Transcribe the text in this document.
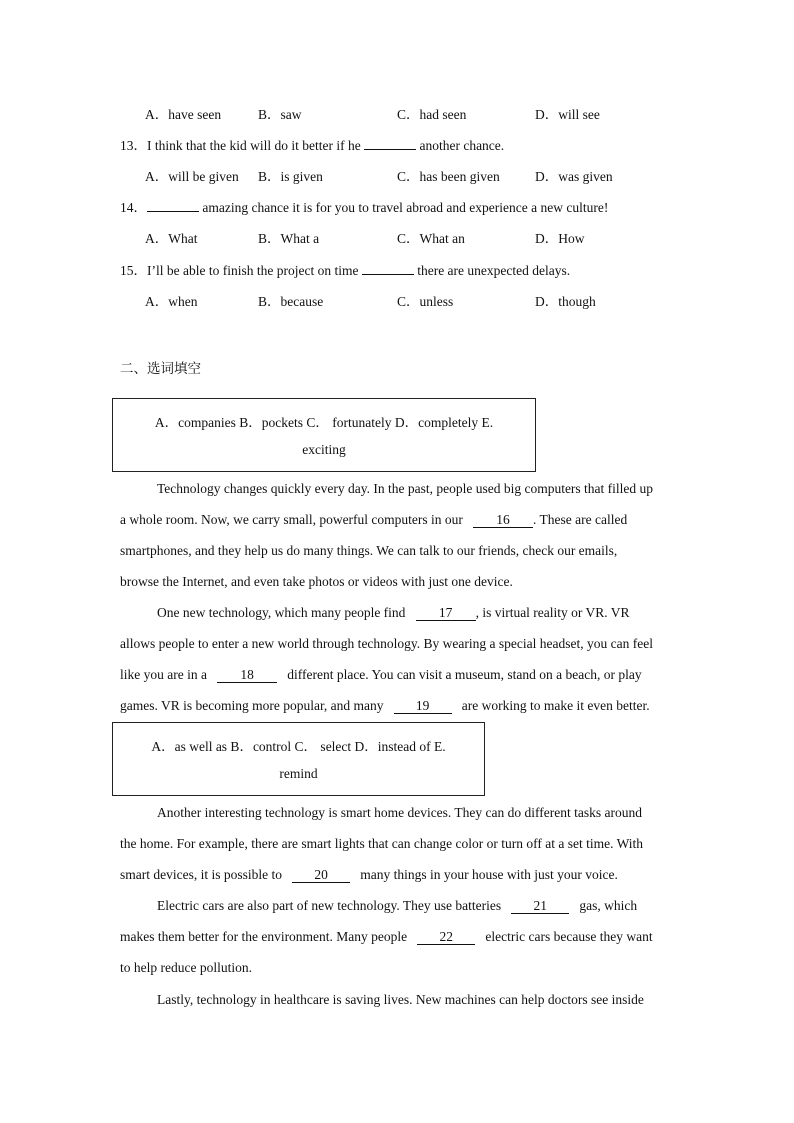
A．have seen	B．saw	C．had seen	D．will see
13．I think that the kid will do it better if he	another chance.
A．will be given B．is given	C．has been given	D．was given
14．	amazing chance it is for you to travel abroad and experience a new culture!
A．What	B．What a	C．What an	D．How
15．I’ll be able to finish the project on time	there are unexpected delays.
A．when	B．because	C．unless	D．though
二、选词填空
A．companies B．pockets C． fortunately D．completely E.
exciting
Technology changes quickly every day. In the past, people used big computers that filled up
a whole room. Now, we carry small, powerful computers in our 16 . These are called
smartphones, and they help us do many things. We can talk to our friends, check our emails,
browse the Internet, and even take photos or videos with just one device.
One new technology, which many people find 17 , is virtual reality or VR. VR
allows people to enter a new world through technology. By wearing a special headset, you can feel
like you are in a 18 different place. You can visit a museum, stand on a beach, or play
games. VR is becoming more popular, and many 19 are working to make it even better.
A．as well as B．control C． select D．instead of E.
remind
Another interesting technology is smart home devices. They can do different tasks around
the home. For example, there are smart lights that can change color or turn off at a set time. With
smart devices, it is possible to 20 many things in your house with just your voice.
Electric cars are also part of new technology. They use batteries 21 gas, which
makes them better for the environment. Many people 22 electric cars because they want
to help reduce pollution.
Lastly, technology in healthcare is saving lives. New machines can help doctors see inside
